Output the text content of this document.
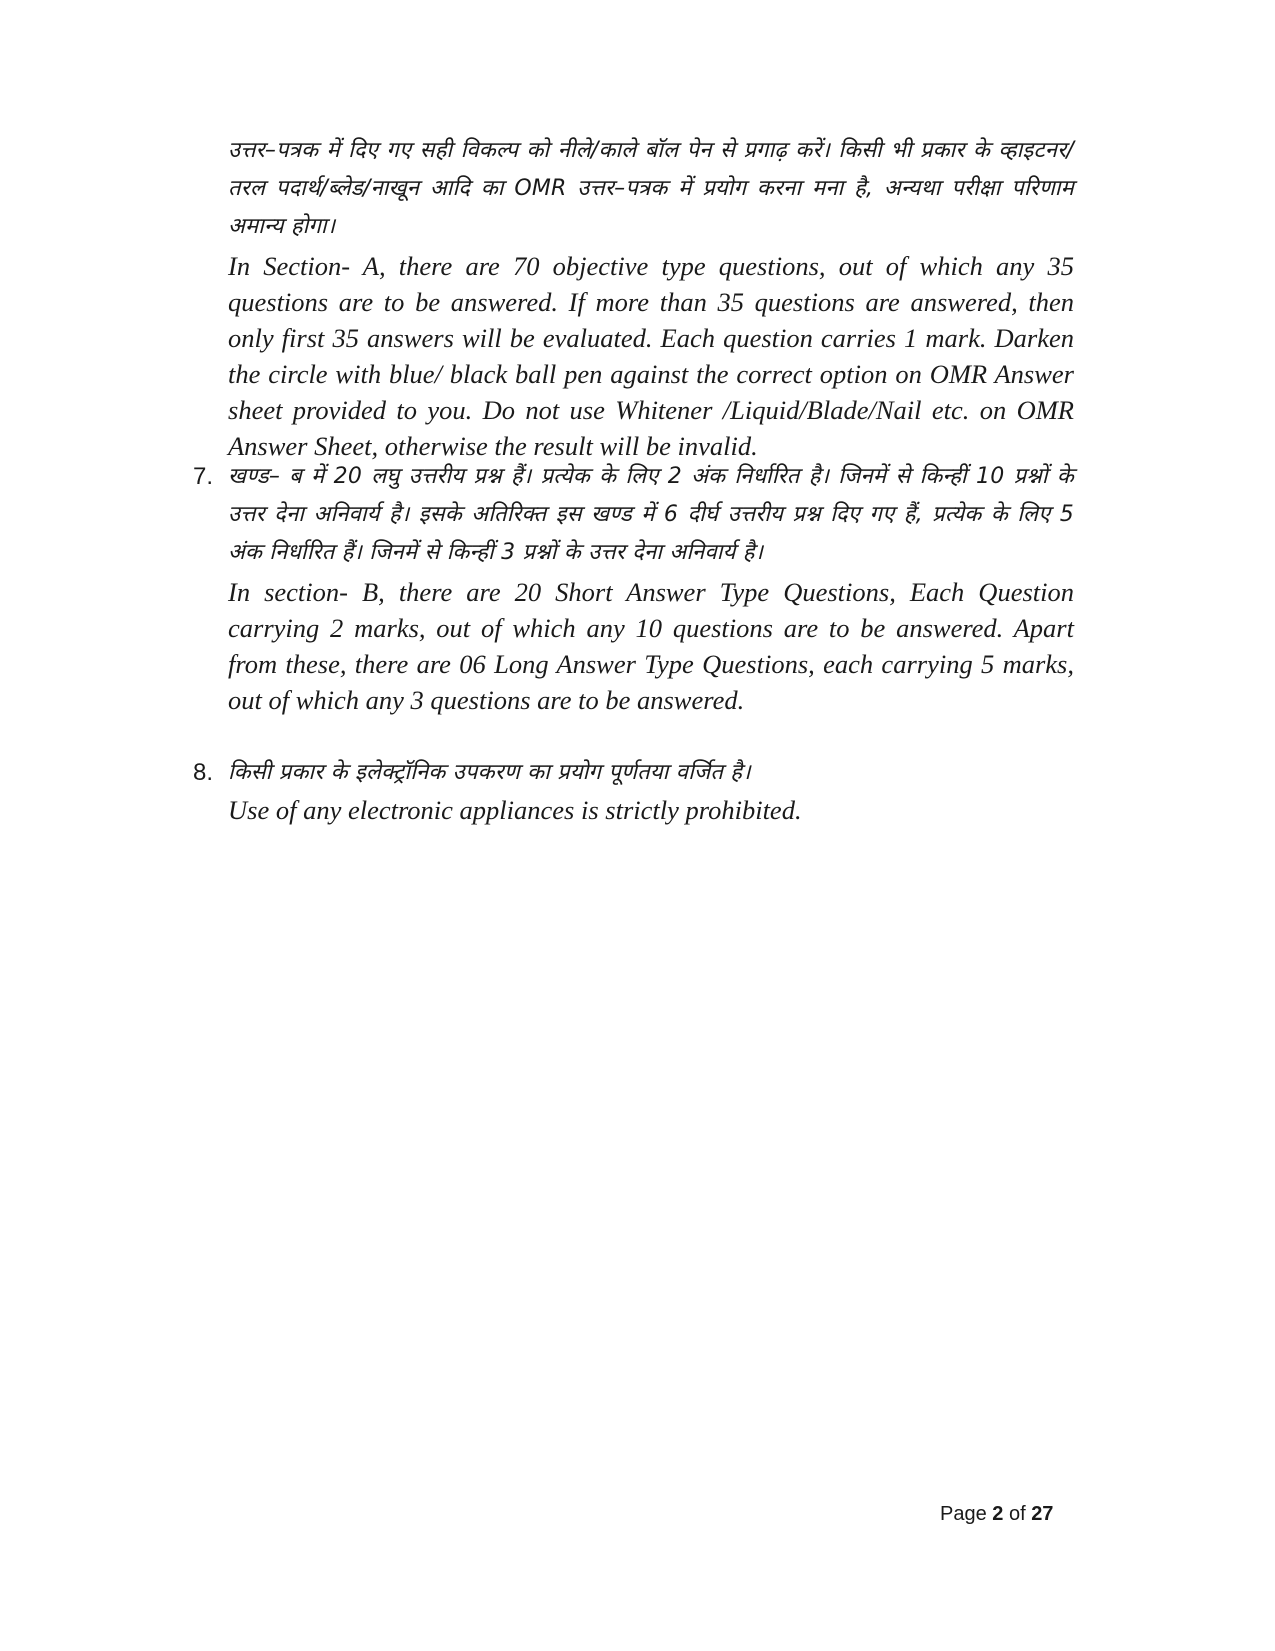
उत्तर–पत्रक में दिए गए सही विकल्प को नीले/काले बॉल पेन से प्रगाढ़ करें। किसी भी प्रकार के व्हाइटनर/तरल पदार्थ/ब्लेड/नाखून आदि का OMR उत्तर–पत्रक में प्रयोग करना मना है, अन्यथा परीक्षा परिणाम अमान्य होगा।

In Section- A, there are 70 objective type questions, out of which any 35 questions are to be answered. If more than 35 questions are answered, then only first 35 answers will be evaluated. Each question carries 1 mark. Darken the circle with blue/ black ball pen against the correct option on OMR Answer sheet provided to you. Do not use Whitener /Liquid/Blade/Nail etc. on OMR Answer Sheet, otherwise the result will be invalid.

7. खण्ड– ब में 20 लघु उत्तरीय प्रश्न हैं। प्रत्येक के लिए 2 अंक निर्धारित है। जिनमें से किन्हीं 10 प्रश्नों के उत्तर देना अनिवार्य है। इसके अतिरिक्त इस खण्ड में 6 दीर्घ उत्तरीय प्रश्न दिए गए हैं, प्रत्येक के लिए 5 अंक निर्धारित हैं। जिनमें से किन्हीं 3 प्रश्नों के उत्तर देना अनिवार्य है।

In section- B, there are 20 Short Answer Type Questions, Each Question carrying 2 marks, out of which any 10 questions are to be answered. Apart from these, there are 06 Long Answer Type Questions, each carrying 5 marks, out of which any 3 questions are to be answered.

8. किसी प्रकार के इलेक्ट्रॉनिक उपकरण का प्रयोग पूर्णतया वर्जित है।

Use of any electronic appliances is strictly prohibited.

Page 2 of 27
